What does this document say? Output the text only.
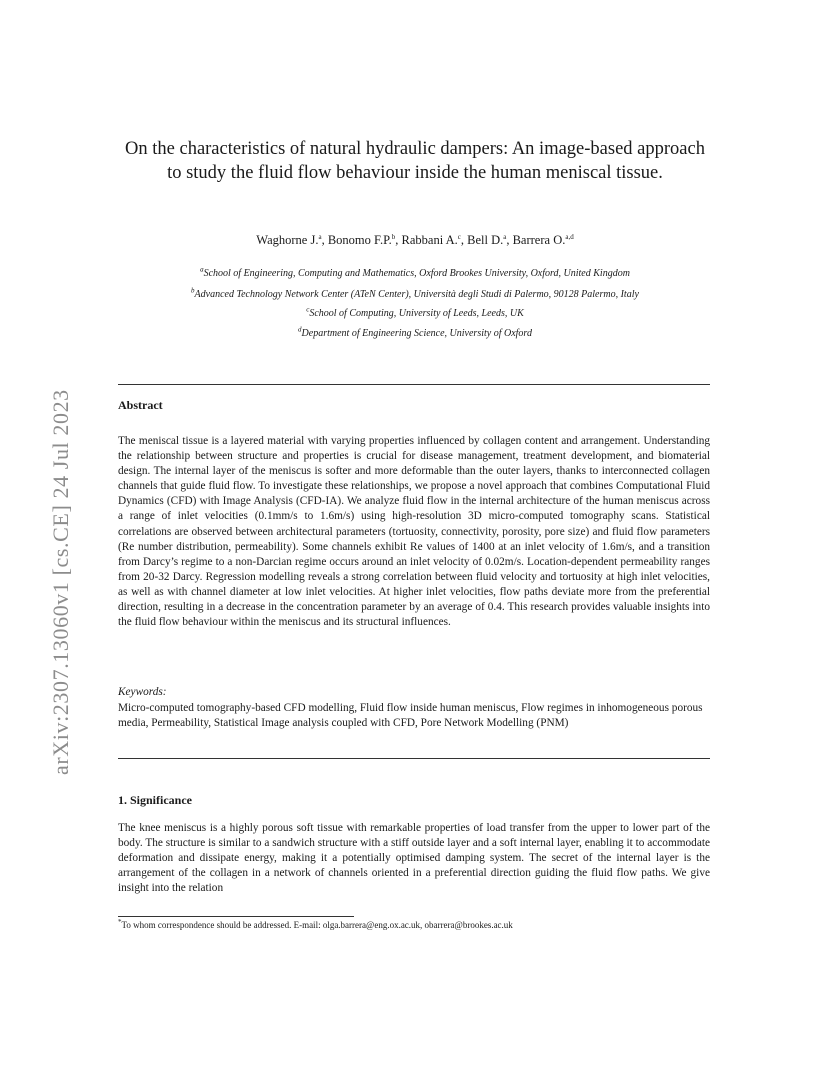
arXiv:2307.13060v1 [cs.CE] 24 Jul 2023
On the characteristics of natural hydraulic dampers: An image-based approach to study the fluid flow behaviour inside the human meniscal tissue.
Waghorne J.$^a$, Bonomo F.P.$^b$, Rabbani A.$^c$, Bell D.$^a$, Barrera O.$^{a,d}$
$^a$School of Engineering, Computing and Mathematics, Oxford Brookes University, Oxford, United Kingdom
$^b$Advanced Technology Network Center (ATeN Center), Università degli Studi di Palermo, 90128 Palermo, Italy
$^c$School of Computing, University of Leeds, Leeds, UK
$^d$Department of Engineering Science, University of Oxford
Abstract
The meniscal tissue is a layered material with varying properties influenced by collagen content and arrangement. Understanding the relationship between structure and properties is crucial for disease management, treatment development, and biomaterial design. The internal layer of the meniscus is softer and more deformable than the outer layers, thanks to interconnected collagen channels that guide fluid flow. To investigate these relationships, we propose a novel approach that combines Computational Fluid Dynamics (CFD) with Image Analysis (CFD-IA). We analyze fluid flow in the internal architecture of the human meniscus across a range of inlet velocities (0.1mm/s to 1.6m/s) using high-resolution 3D micro-computed tomography scans. Statistical correlations are observed between architectural parameters (tortuosity, connectivity, porosity, pore size) and fluid flow parameters (Re number distribution, permeability). Some channels exhibit Re values of 1400 at an inlet velocity of 1.6m/s, and a transition from Darcy’s regime to a non-Darcian regime occurs around an inlet velocity of 0.02m/s. Location-dependent permeability ranges from 20-32 Darcy. Regression modelling reveals a strong correlation between fluid velocity and tortuosity at high inlet velocities, as well as with channel diameter at low inlet velocities. At higher inlet velocities, flow paths deviate more from the preferential direction, resulting in a decrease in the concentration parameter by an average of 0.4. This research provides valuable insights into the fluid flow behaviour within the meniscus and its structural influences.
Keywords:
Micro-computed tomography-based CFD modelling, Fluid flow inside human meniscus, Flow regimes in inhomogeneous porous media, Permeability, Statistical Image analysis coupled with CFD, Pore Network Modelling (PNM)
1. Significance
The knee meniscus is a highly porous soft tissue with remarkable properties of load transfer from the upper to lower part of the body. The structure is similar to a sandwich structure with a stiff outside layer and a soft internal layer, enabling it to accommodate deformation and dissipate energy, making it a potentially optimised damping system. The secret of the internal layer is the arrangement of the collagen in a network of channels oriented in a preferential direction guiding the fluid flow paths. We give insight into the relation
*To whom correspondence should be addressed. E-mail: olga.barrera@eng.ox.ac.uk, obarrera@brookes.ac.uk
